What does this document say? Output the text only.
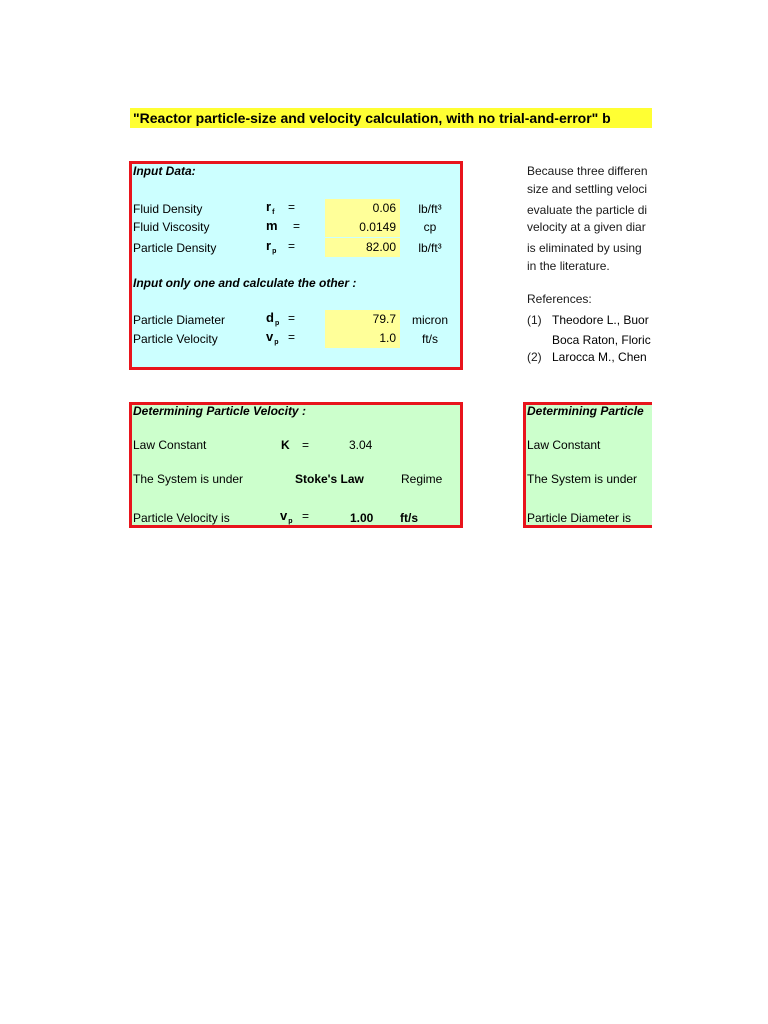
"Reactor particle-size and velocity calculation, with no trial-and-error" b
Input Data:
Fluid Density	$r_f$ =	0.06	lb/ft³
Fluid Viscosity	m =	0.0149	cp
Particle Density	$r_p$ =	82.00	lb/ft³
Input only one and calculate the other :
Particle Diameter	$d_p$ =	79.7	micron
Particle Velocity	$v_p$ =	1.0	ft/s
Determining Particle Velocity :
Law Constant	K =	3.04
The System is under	Stoke's Law	Regime
Particle Velocity is	$v_p$ =	1.00 ft/s
Determining Particle
Law Constant
The System is under
Particle Diameter is
Because three differen
size and settling veloci
evaluate the particle di
velocity at a given diar
is eliminated by using
in the literature.
References:
(1) Theodore L., Buor
Boca Raton, Floric
(2) Larocca M., Chen
